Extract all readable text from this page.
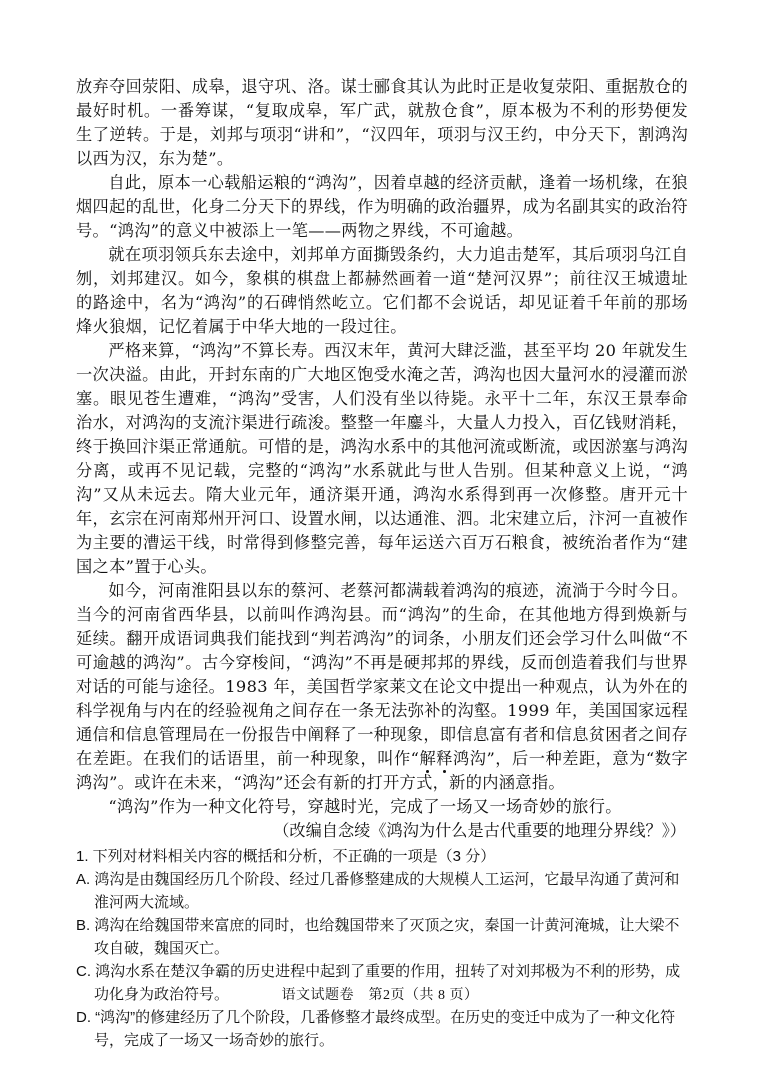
放弃夺回荥阳、成皋，退守巩、洛。谋士郦食其认为此时正是收复荥阳、重据敖仓的最好时机。一番筹谋，“复取成皋，军广武，就敖仓食”，原本极为不利的形势便发生了逆转。于是，刘邦与项羽“讲和”，“汉四年，项羽与汉王约，中分天下，割鸿沟以西为汉，东为楚”。

自此，原本一心载船运粮的“鸿沟”，因着卓越的经济贡献，逢着一场机缘，在狼烟四起的乱世，化身二分天下的界线，作为明确的政治疆界，成为名副其实的政治符号。“鸿沟”的意义中被添上一笔——两物之界线，不可逾越。

就在项羽领兵东去途中，刘邦单方面撕毁条约，大力追击楚军，其后项羽乌江自刎，刘邦建汉。如今，象棋的棋盘上都赫然画着一道“楚河汉界”；前往汉王城遗址的路途中，名为“鸿沟”的石碑悄然屹立。它们都不会说话，却见证着千年前的那场烽火狼烟，记忆着属于中华大地的一段过往。

严格来算，“鸿沟”不算长寿。西汉末年，黄河大肆泛滥，甚至平均 20 年就发生一次决溢。由此，开封东南的广大地区饱受水淹之苦，鸿沟也因大量河水的浸灌而淤塞。眼见苍生遭难，“鸿沟”受害，人们没有坐以待毙。永平十二年，东汉王景奉命治水，对鸿沟的支流汴渠进行疏浚。整整一年鏖斗，大量人力投入，百亿钱财消耗，终于换回汴渠正常通航。可惜的是，鸿沟水系中的其他河流或断流，或因淤塞与鸿沟分离，或再不见记载，完整的“鸿沟”水系就此与世人告别。但某种意义上说，“鸿沟”又从未远去。隋大业元年，通济渠开通，鸿沟水系得到再一次修整。唐开元十年，玄宗在河南郑州开河口、设置水闸，以达通淮、泗。北宋建立后，汴河一直被作为主要的漕运干线，时常得到修整完善，每年运送六百万石粮食，被统治者作为“建国之本”置于心头。

如今，河南淮阳县以东的蔡河、老蔡河都满载着鸿沟的痕迹，流淌于今时今日。当今的河南省西华县，以前叫作鸿沟县。而“鸿沟”的生命，在其他地方得到焕新与延续。翻开成语词典我们能找到“判若鸿沟”的词条，小朋友们还会学习什么叫做“不可逾越的鸿沟”。古今穿梭间，“鸿沟”不再是硬邦邦的界线，反而创造着我们与世界对话的可能与途径。1983 年，美国哲学家莱文在论文中提出一种观点，认为外在的科学视角与内在的经验视角之间存在一条无法弥补的沟壑。1999 年，美国国家远程通信和信息管理局在一份报告中阐释了一种现象，即信息富有者和信息贫困者之间存在差距。在我们的话语里，前一种现象，叫作“解释鸿沟”，后一种差距，意为“数字鸿沟”。或许在未来，“鸿沟”还会有新的打开方式，新的内涵意指。

“鸿沟”作为一种文化符号，穿越时光，完成了一场又一场奇妙的旅行。

（改编自念绫《鸿沟为什么是古代重要的地理分界线？》）

1. 下列对材料相关内容的概括和分析，不正确的一项是（3 分）

A. 鸿沟是由魏国经历几个阶段、经过几番修整建成的大规模人工运河，它最早沟通了黄河和淮河两大流域。

B. 鸿沟在给魏国带来富庶的同时，也给魏国带来了灭顶之灾，秦国一计黄河淹城，让大梁不攻自破，魏国灭亡。

C. 鸿沟水系在楚汉争霸的历史进程中起到了重要的作用，扭转了对刘邦极为不利的形势，成功化身为政治符号。

D. “鸿沟”的修建经历了几个阶段，几番修整才最终成型。在历史的变迁中成为了一种文化符号，完成了一场又一场奇妙的旅行。

语文试题卷　第2页（共 8 页）
